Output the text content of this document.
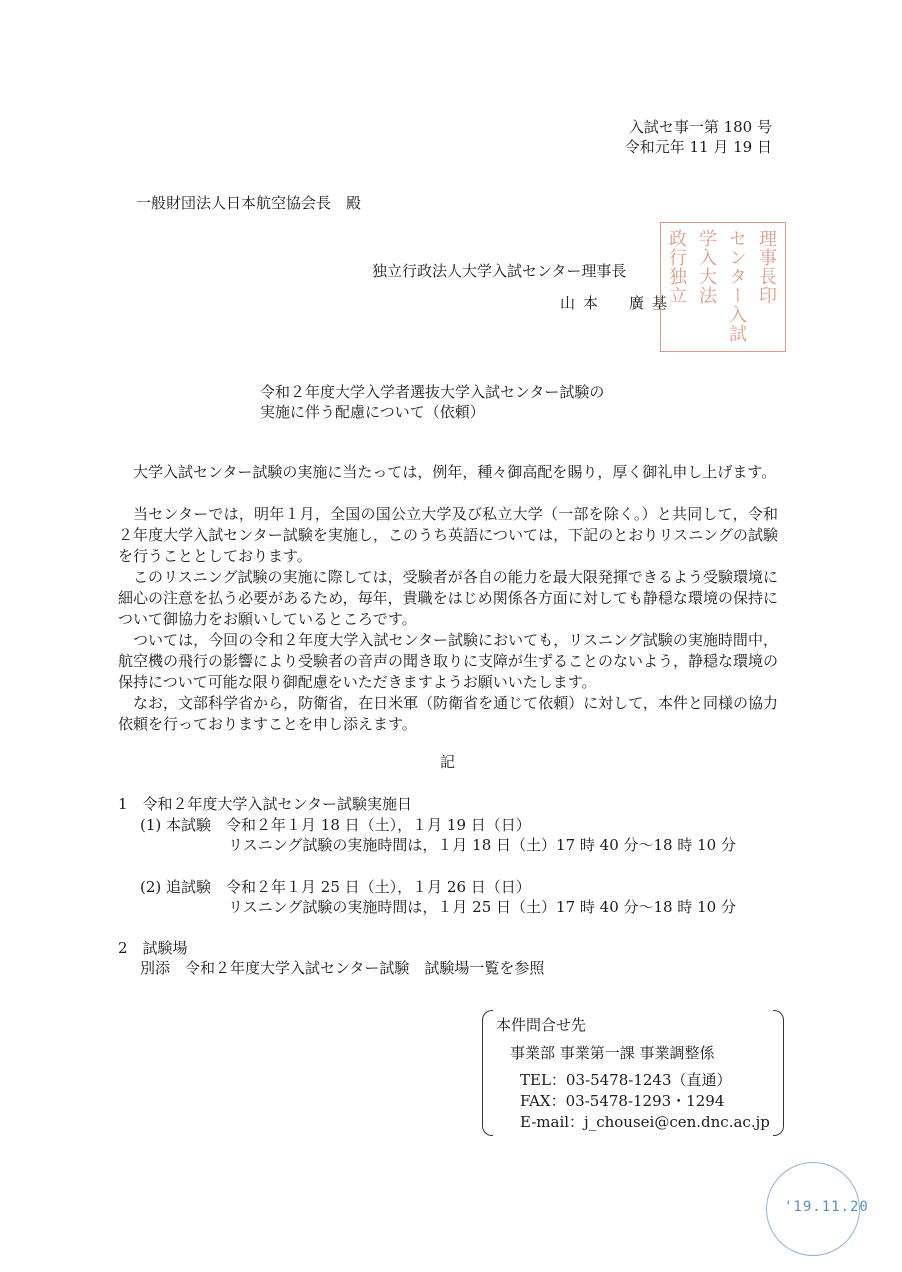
入試セ事一第 180 号
令和元年 11 月 19 日
一般財団法人日本航空協会長　殿
独立行政法人大学入試センター理事長
山本　廣基
政行独立 学入大法 センター入試 理事長印
令和２年度大学入学者選抜大学入試センター試験の
実施に伴う配慮について（依頼）
大学入試センター試験の実施に当たっては，例年，種々御高配を賜り，厚く御礼申し上げます。
当センターでは，明年１月，全国の国公立大学及び私立大学（一部を除く。）と共同して，令和２年度大学入試センター試験を実施し，このうち英語については，下記のとおりリスニングの試験を行うこととしております。
このリスニング試験の実施に際しては，受験者が各自の能力を最大限発揮できるよう受験環境に細心の注意を払う必要があるため，毎年，貴職をはじめ関係各方面に対しても静穏な環境の保持について御協力をお願いしているところです。
ついては，今回の令和２年度大学入試センター試験においても，リスニング試験の実施時間中，航空機の飛行の影響により受験者の音声の聞き取りに支障が生ずることのないよう，静穏な環境の保持について可能な限り御配慮をいただきますようお願いいたします。
なお，文部科学省から，防衛省，在日米軍（防衛省を通じて依頼）に対して，本件と同様の協力依頼を行っておりますことを申し添えます。
記
1　令和２年度大学入試センター試験実施日
(1) 本試験　令和２年１月 18 日（土），１月 19 日（日）
リスニング試験の実施時間は，１月 18 日（土）17 時 40 分～18 時 10 分
(2) 追試験　令和２年１月 25 日（土），１月 26 日（日）
リスニング試験の実施時間は，１月 25 日（土）17 時 40 分～18 時 10 分
2　試験場
別添　令和２年度大学入試センター試験　試験場一覧を参照
本件問合せ先
事業部 事業第一課 事業調整係
TEL：03-5478-1243（直通）
FAX：03-5478-1293・1294
E-mail：j_chousei@cen.dnc.ac.jp
'19.11.20
